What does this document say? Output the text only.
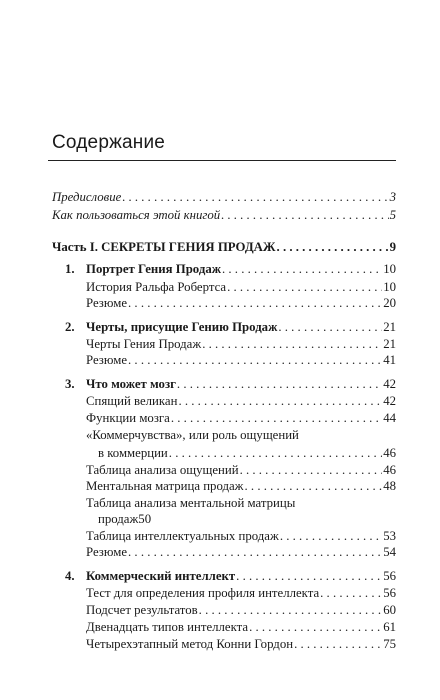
Содержание
Предисловие . . .	3
Как пользоваться этой книгой . . .	5
Часть I. СЕКРЕТЫ ГЕНИЯ ПРОДАЖ . . .	9
1. Портрет Гения Продаж . . .	10
История Ральфа Робертса . . .	10
Резюме . . .	20
2. Черты, присущие Гению Продаж . . .	21
Черты Гения Продаж . . .	21
Резюме . . .	41
3. Что может мозг . . .	42
Спящий великан . . .	42
Функции мозга . . .	44
«Коммерчувства», или роль ощущений
в коммерции . . .	46
Таблица анализа ощущений . . .	46
Ментальная матрица продаж . . .	48
Таблица анализа ментальной матрицы
продаж50
Таблица интеллектуальных продаж . . .	53
Резюме . . .	54
4. Коммерческий интеллект . . .	56
Тест для определения профиля интеллекта . . .	56
Подсчет результатов . . .	60
Двенадцать типов интеллекта . . .	61
Четырехэтапный метод Конни Гордон . . .	75
